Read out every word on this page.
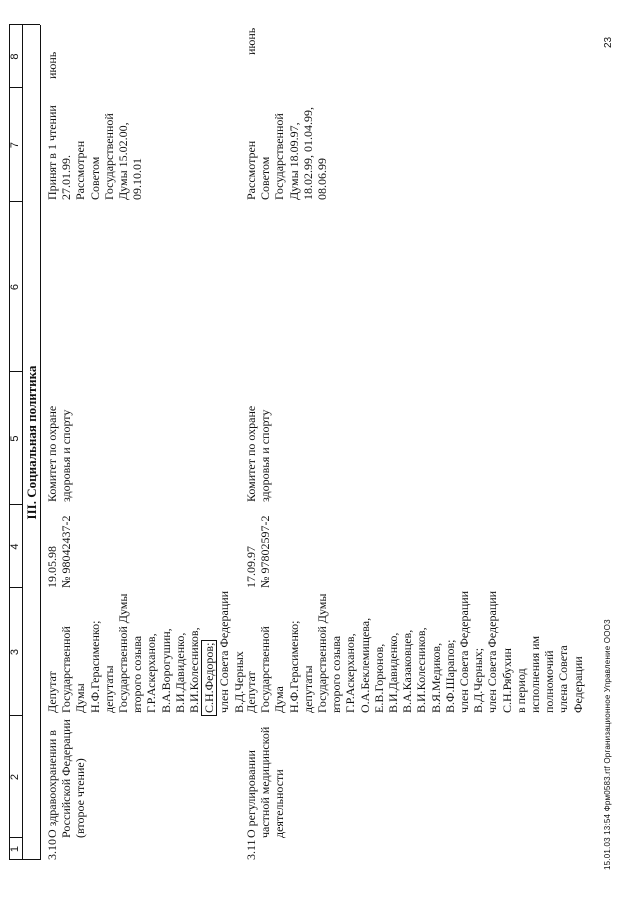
1
2
3
4
5
6
7
8
III. Социальная политика
3.10
О здравоохранении в
Российской Федерации
(второе чтение)
Депутат Государственной
Думы
Н.Ф.Герасименко;
депутаты
Государственной Думы
второго созыва
Г.Р.Аскерханов,
В.А.Ворогушин,
В.И.Давиденко,
В.И.Колесников,
С.Н.Федоров;
член Совета Федерации
В.Д.Черных
19.05.98
№ 98042437-2
Комитет по охране
здоровья и спорту
Принят в 1 чтении
27.01.99.
Рассмотрен
Советом
Государственной
Думы 15.02.00,
09.10.01
июнь
3.11
О регулировании
частной медицинской
деятельности
Депутат Государственной
Дума
Н.Ф.Герасименко;
депутаты
Государственной Думы
второго созыва
Г.Р.Аскерханов,
О.А.Беклемищева,
Е.В.Горюнов,
В.И.Давиденко,
В.А.Казаковцев,
В.И.Колесников,
В.Я.Медиков,
В.Ф.Шарапов;
член Совета Федерации
В.Д.Черных;
член Совета Федерации
С.Н.Рябухин
в период
исполнения им
полномочий
члена Совета
Федерации
17.09.97
№ 97802597-2
Комитет по охране
здоровья и спорту
Рассмотрен
Советом
Государственной
Думы 18.09.97,
18.02.99, 01.04.99,
08.06.99
июнь
15.01.03 13:54 Фрм0583.rtf Организационное Управление ООО3
23
